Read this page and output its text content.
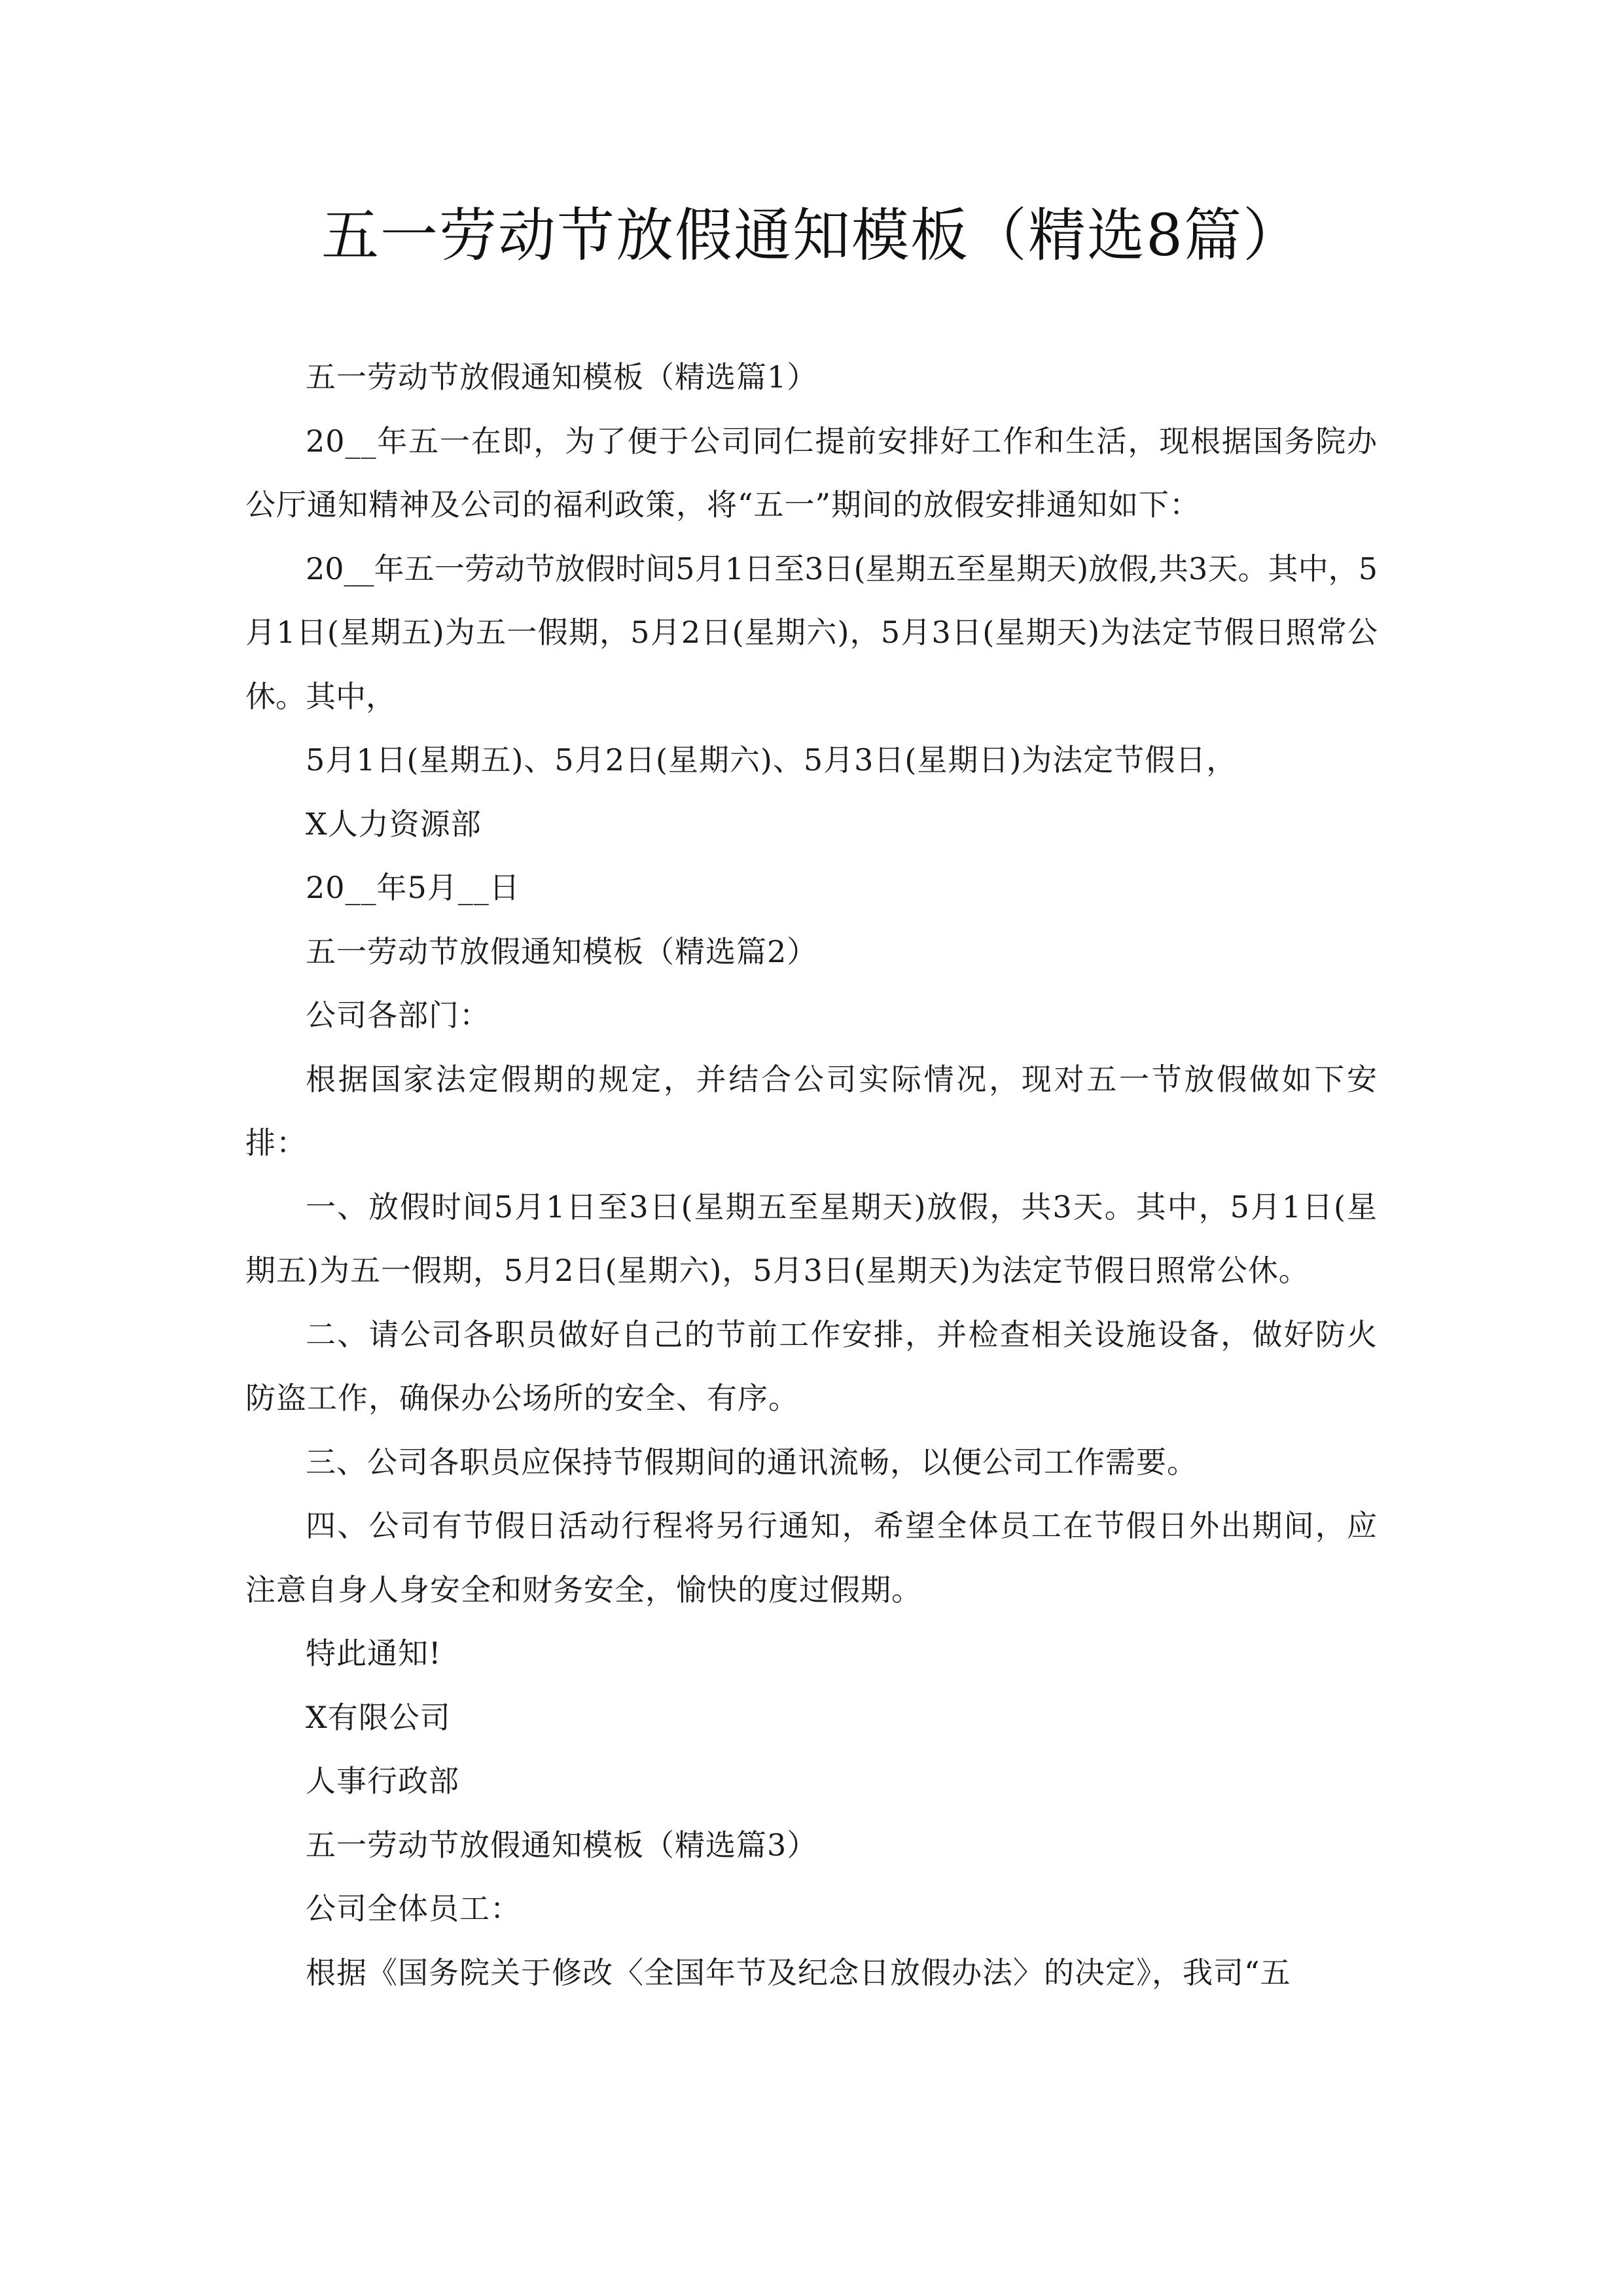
五一劳动节放假通知模板（精选8篇）

五一劳动节放假通知模板（精选篇1）

20__年五一在即，为了便于公司同仁提前安排好工作和生活，现根据国务院办公厅通知精神及公司的福利政策，将“五一”期间的放假安排通知如下：

20__年五一劳动节放假时间5月1日至3日(星期五至星期天)放假,共3天。其中，5月1日(星期五)为五一假期，5月2日(星期六)，5月3日(星期天)为法定节假日照常公休。其中，

5月1日(星期五)、5月2日(星期六)、5月3日(星期日)为法定节假日，

X人力资源部

20__年5月__日

五一劳动节放假通知模板（精选篇2）

公司各部门：

根据国家法定假期的规定，并结合公司实际情况，现对五一节放假做如下安排：

一、放假时间5月1日至3日(星期五至星期天)放假，共3天。其中，5月1日(星期五)为五一假期，5月2日(星期六)，5月3日(星期天)为法定节假日照常公休。

二、请公司各职员做好自己的节前工作安排，并检查相关设施设备，做好防火防盗工作，确保办公场所的安全、有序。

三、公司各职员应保持节假期间的通讯流畅，以便公司工作需要。

四、公司有节假日活动行程将另行通知，希望全体员工在节假日外出期间，应注意自身人身安全和财务安全，愉快的度过假期。

特此通知!

X有限公司

人事行政部

五一劳动节放假通知模板（精选篇3）

公司全体员工：

根据《国务院关于修改〈全国年节及纪念日放假办法〉的决定》，我司“五
